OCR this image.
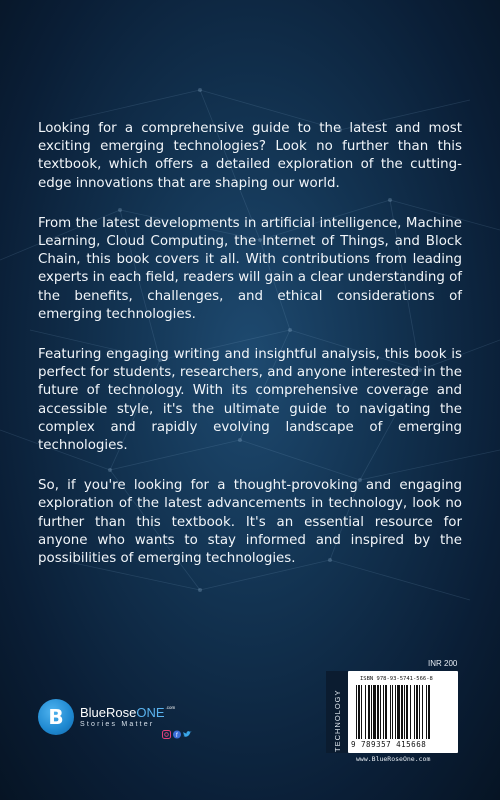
Looking for a comprehensive guide to the latest and most exciting emerging technologies? Look no further than this textbook, which offers a detailed exploration of the cutting-edge innovations that are shaping our world.

From the latest developments in artificial intelligence, Machine Learning, Cloud Computing, the Internet of Things, and Block Chain, this book covers it all. With contributions from leading experts in each field, readers will gain a clear understanding of the benefits, challenges, and ethical considerations of emerging technologies.

Featuring engaging writing and insightful analysis, this book is perfect for students, researchers, and anyone interested in the future of technology. With its comprehensive coverage and accessible style, it's the ultimate guide to navigating the complex and rapidly evolving landscape of emerging technologies.

So, if you're looking for a thought-provoking and engaging exploration of the latest advancements in technology, look no further than this textbook. It's an essential resource for anyone who wants to stay informed and inspired by the possibilities of emerging technologies.

B	BlueRoseONE$^{.com}$
Stories Matter
f
INR 200
TECHNOLOGY
ISBN 978-93-5741-566-8
9 789357 415668
www.BlueRoseOne.com
